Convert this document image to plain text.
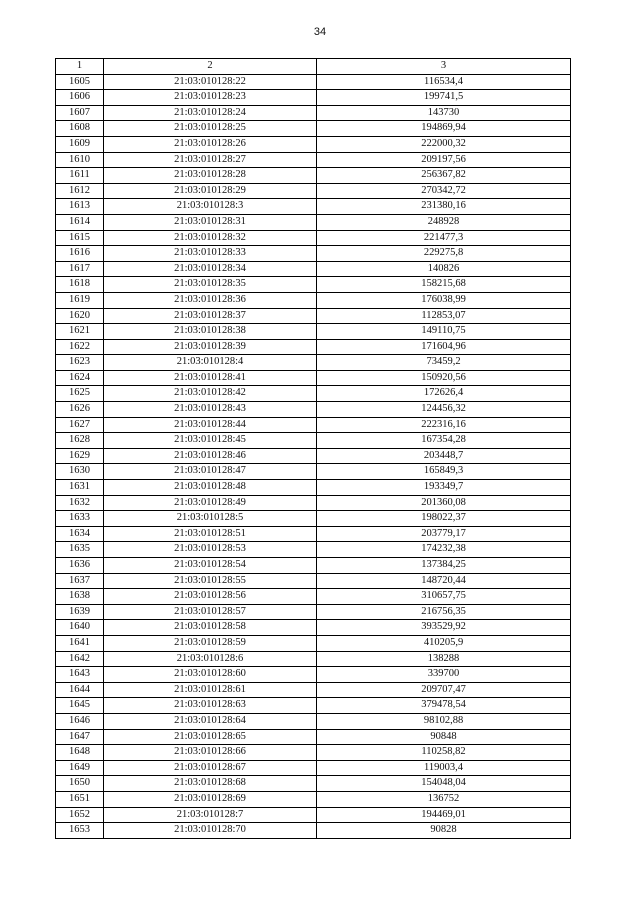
34
1	2	3
1605	21:03:010128:22	116534,4
1606	21:03:010128:23	199741,5
1607	21:03:010128:24	143730
1608	21:03:010128:25	194869,94
1609	21:03:010128:26	222000,32
1610	21:03:010128:27	209197,56
1611	21:03:010128:28	256367,82
1612	21:03:010128:29	270342,72
1613	21:03:010128:3	231380,16
1614	21:03:010128:31	248928
1615	21:03:010128:32	221477,3
1616	21:03:010128:33	229275,8
1617	21:03:010128:34	140826
1618	21:03:010128:35	158215,68
1619	21:03:010128:36	176038,99
1620	21:03:010128:37	112853,07
1621	21:03:010128:38	149110,75
1622	21:03:010128:39	171604,96
1623	21:03:010128:4	73459,2
1624	21:03:010128:41	150920,56
1625	21:03:010128:42	172626,4
1626	21:03:010128:43	124456,32
1627	21:03:010128:44	222316,16
1628	21:03:010128:45	167354,28
1629	21:03:010128:46	203448,7
1630	21:03:010128:47	165849,3
1631	21:03:010128:48	193349,7
1632	21:03:010128:49	201360,08
1633	21:03:010128:5	198022,37
1634	21:03:010128:51	203779,17
1635	21:03:010128:53	174232,38
1636	21:03:010128:54	137384,25
1637	21:03:010128:55	148720,44
1638	21:03:010128:56	310657,75
1639	21:03:010128:57	216756,35
1640	21:03:010128:58	393529,92
1641	21:03:010128:59	410205,9
1642	21:03:010128:6	138288
1643	21:03:010128:60	339700
1644	21:03:010128:61	209707,47
1645	21:03:010128:63	379478,54
1646	21:03:010128:64	98102,88
1647	21:03:010128:65	90848
1648	21:03:010128:66	110258,82
1649	21:03:010128:67	119003,4
1650	21:03:010128:68	154048,04
1651	21:03:010128:69	136752
1652	21:03:010128:7	194469,01
1653	21:03:010128:70	90828
